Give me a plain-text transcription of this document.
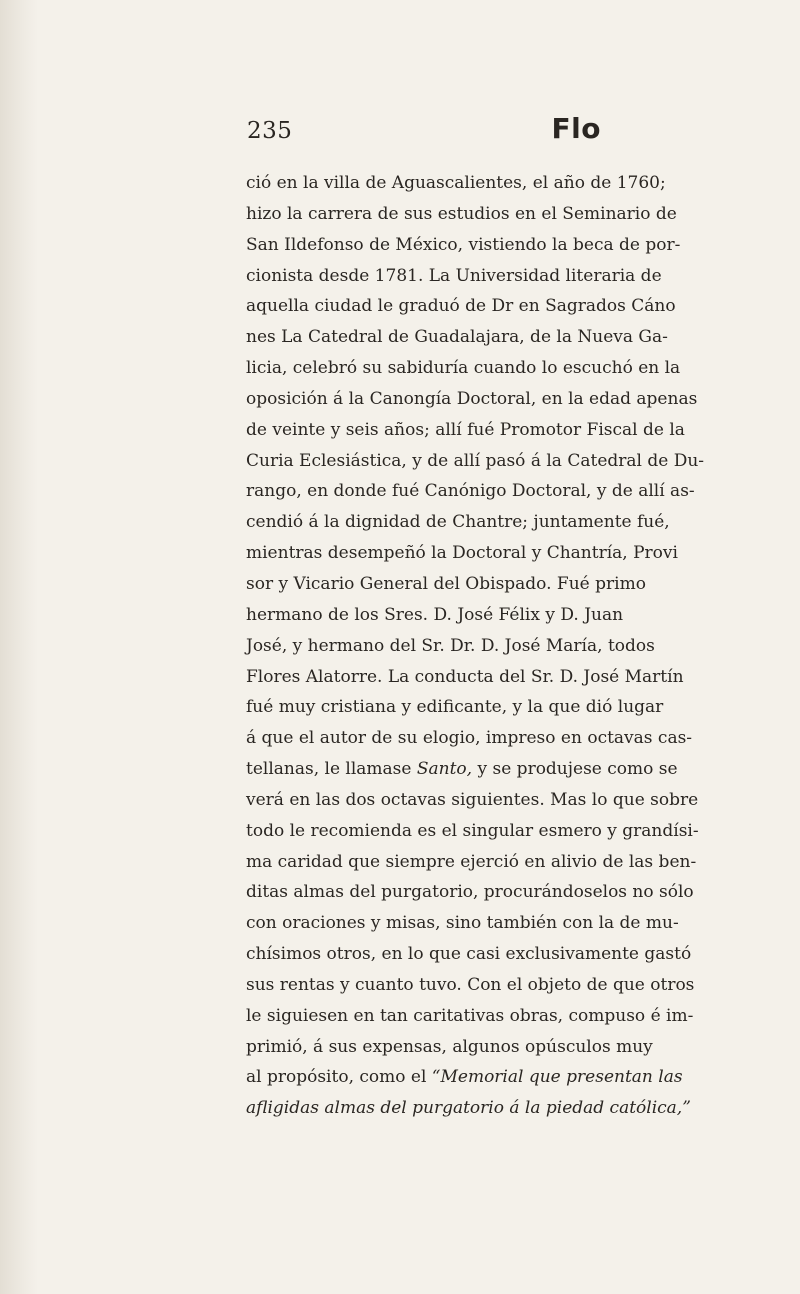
235	Flo
ció en la villa de Aguascalientes, el año de 1760;
hizo la carrera de sus estudios en el Seminario de
San Ildefonso de México, vistiendo la beca de por-
cionista desde 1781. La Universidad literaria de
aquella ciudad le graduó de Dr en Sagrados Cáno
nes La Catedral de Guadalajara, de la Nueva Ga-
licia, celebró su sabiduría cuando lo escuchó en la
oposición á la Canongía Doctoral, en la edad apenas
de veinte y seis años; allí fué Promotor Fiscal de la
Curia Eclesiástica, y de allí pasó á la Catedral de Du-
rango, en donde fué Canónigo Doctoral, y de allí as-
cendió á la dignidad de Chantre; juntamente fué,
mientras desempeñó la Doctoral y Chantría, Provi
sor y Vicario General del Obispado. Fué primo
hermano de los Sres. D. José Félix y D. Juan
José, y hermano del Sr. Dr. D. José María, todos
Flores Alatorre. La conducta del Sr. D. José Martín
fué muy cristiana y edificante, y la que dió lugar
á que el autor de su elogio, impreso en octavas cas-
tellanas, le llamase Santo, y se produjese como se
verá en las dos octavas siguientes. Mas lo que sobre
todo le recomienda es el singular esmero y grandísi-
ma caridad que siempre ejerció en alivio de las ben-
ditas almas del purgatorio, procurándoselos no sólo
con oraciones y misas, sino también con la de mu-
chísimos otros, en lo que casi exclusivamente gastó
sus rentas y cuanto tuvo. Con el objeto de que otros
le siguiesen en tan caritativas obras, compuso é im-
primió, á sus expensas, algunos opúsculos muy
al propósito, como el “Memorial que presentan las
afligidas almas del purgatorio á la piedad católica,”
